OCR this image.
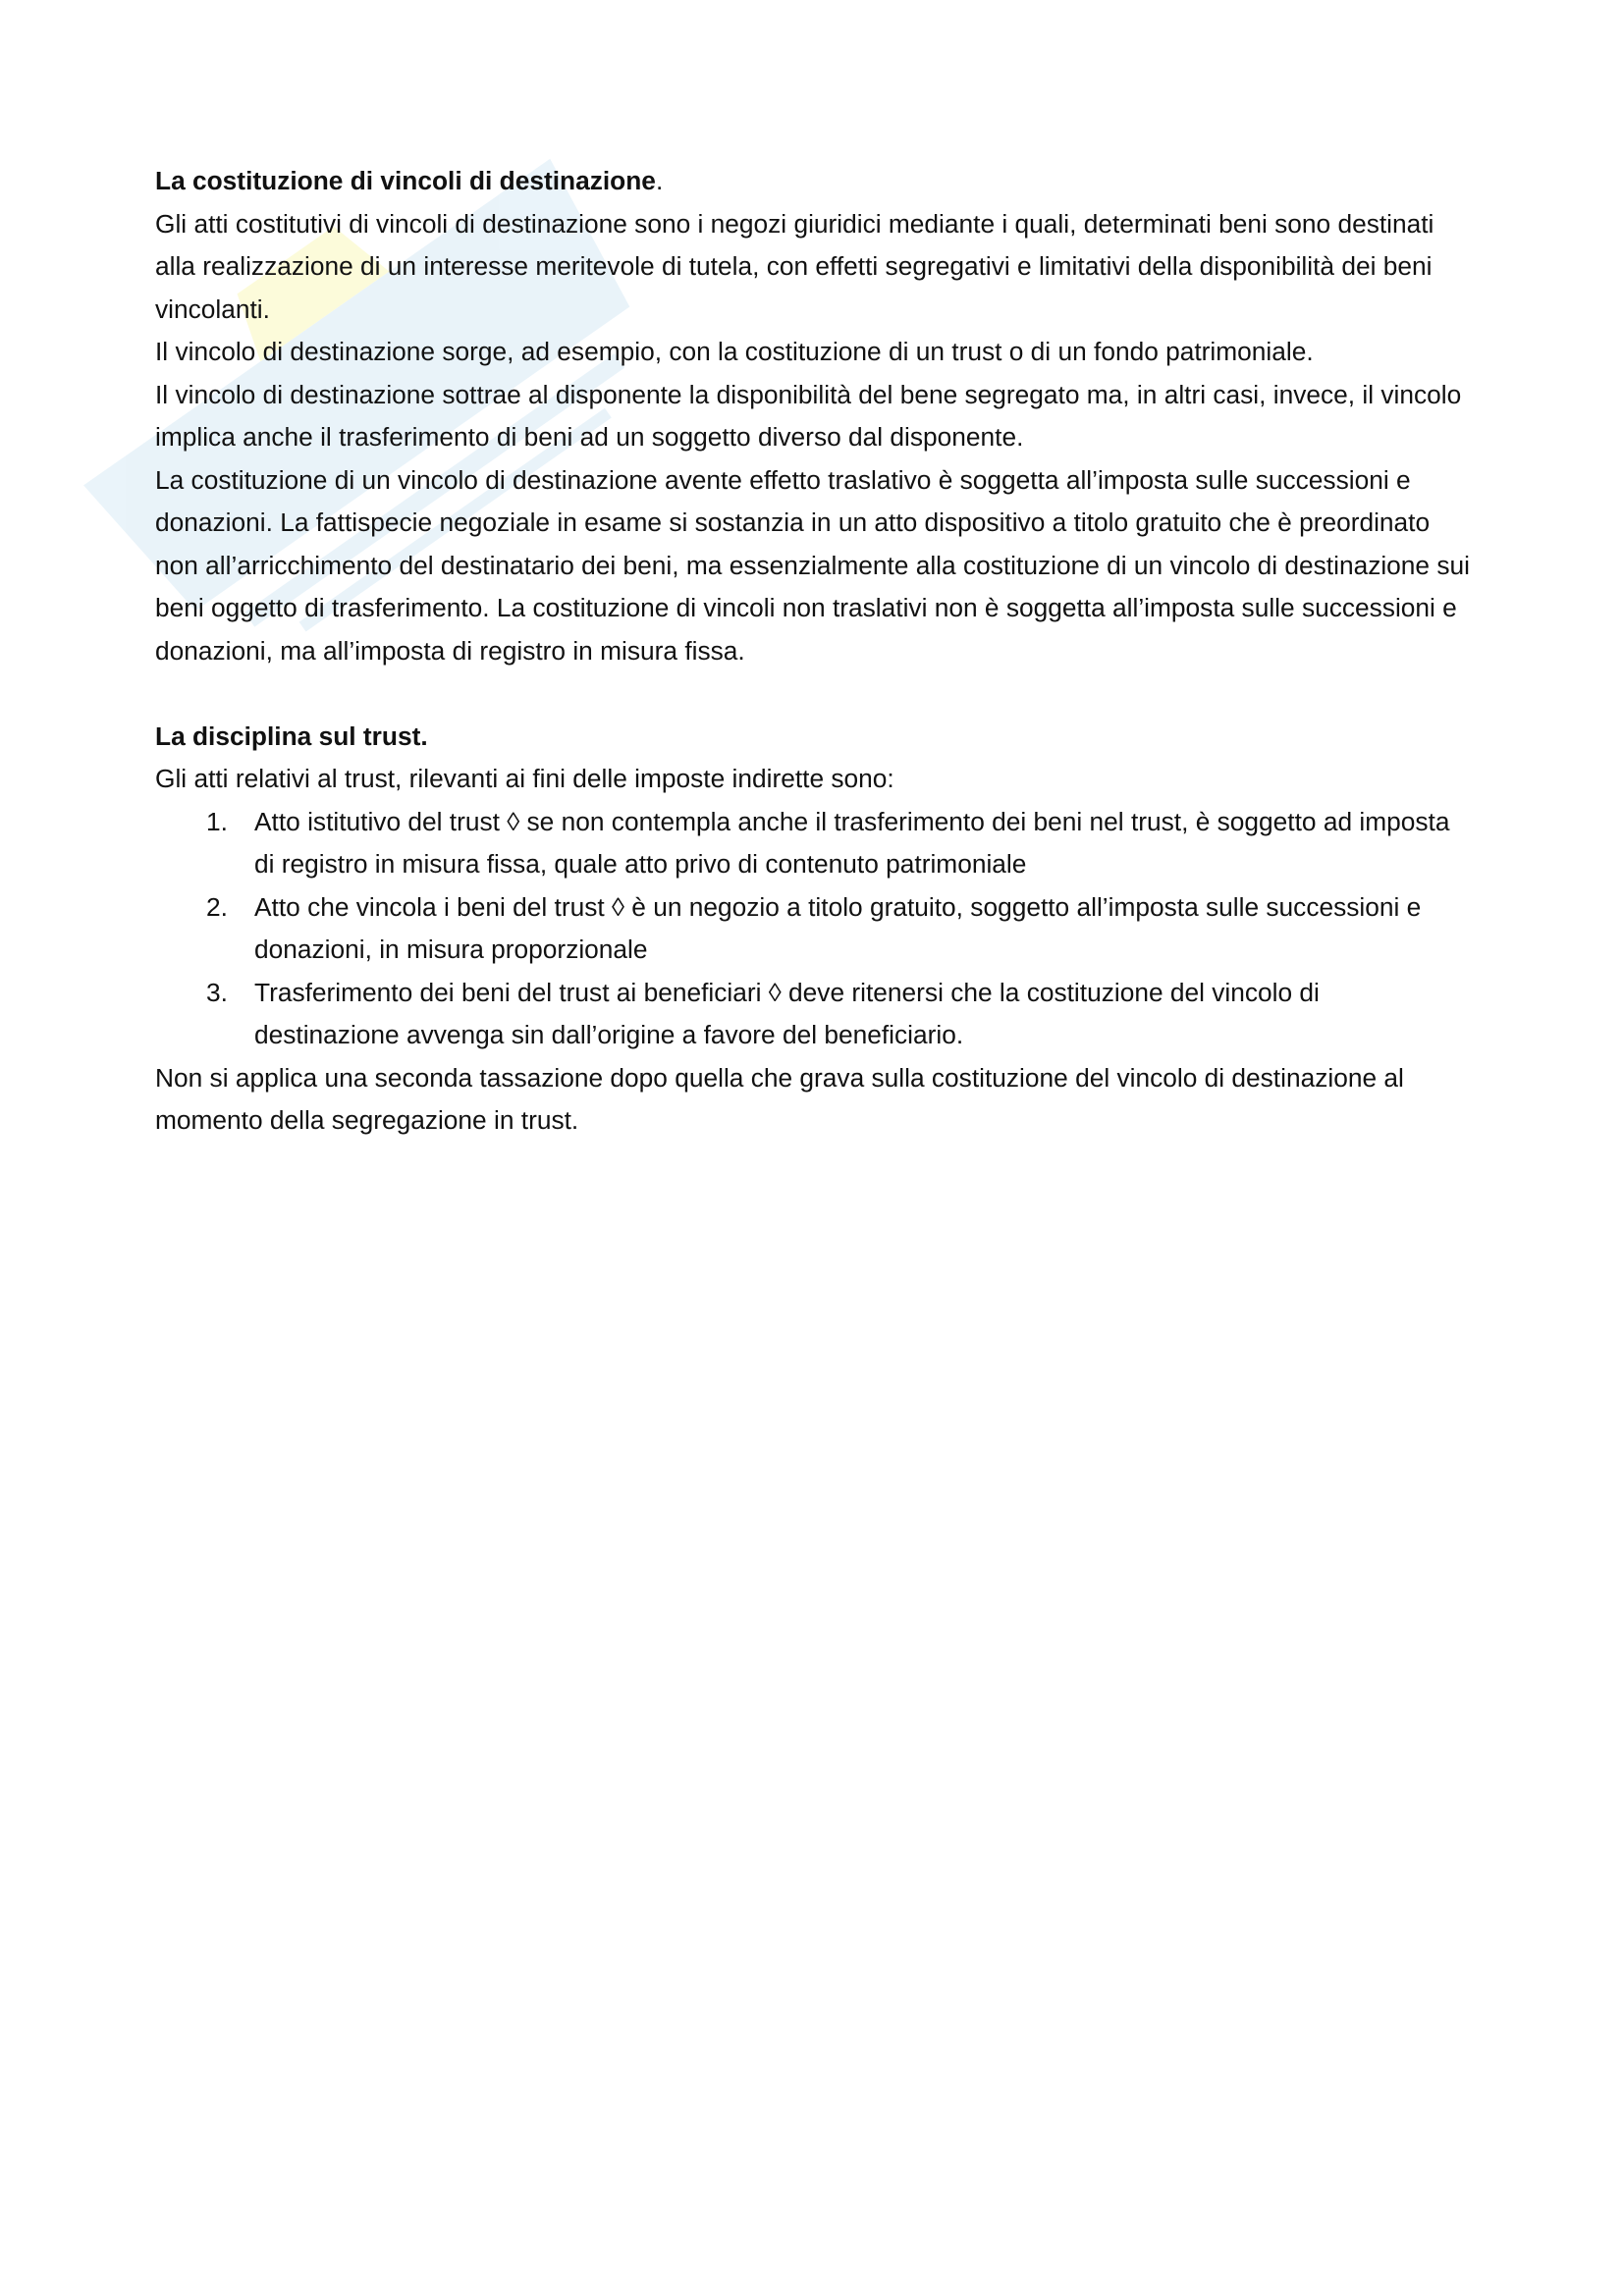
La costituzione di vincoli di destinazione.

Gli atti costitutivi di vincoli di destinazione sono i negozi giuridici mediante i quali, determinati beni sono destinati alla realizzazione di un interesse meritevole di tutela, con effetti segregativi e limitativi della disponibilità dei beni vincolanti.

Il vincolo di destinazione sorge, ad esempio, con la costituzione di un trust o di un fondo patrimoniale.

Il vincolo di destinazione sottrae al disponente la disponibilità del bene segregato ma, in altri casi, invece, il vincolo implica anche il trasferimento di beni ad un soggetto diverso dal disponente.

La costituzione di un vincolo di destinazione avente effetto traslativo è soggetta all’imposta sulle successioni e donazioni. La fattispecie negoziale in esame si sostanzia in un atto dispositivo a titolo gratuito che è preordinato non all’arricchimento del destinatario dei beni, ma essenzialmente alla costituzione di un vincolo di destinazione sui beni oggetto di trasferimento. La costituzione di vincoli non traslativi non è soggetta all’imposta sulle successioni e donazioni, ma all’imposta di registro in misura fissa.

La disciplina sul trust.

Gli atti relativi al trust, rilevanti ai fini delle imposte indirette sono:

1. Atto istitutivo del trust ◊ se non contempla anche il trasferimento dei beni nel trust, è soggetto ad imposta di registro in misura fissa, quale atto privo di contenuto patrimoniale
2. Atto che vincola i beni del trust ◊ è un negozio a titolo gratuito, soggetto all’imposta sulle successioni e donazioni, in misura proporzionale
3. Trasferimento dei beni del trust ai beneficiari ◊ deve ritenersi che la costituzione del vincolo di destinazione avvenga sin dall’origine a favore del beneficiario.

Non si applica una seconda tassazione dopo quella che grava sulla costituzione del vincolo di destinazione al momento della segregazione in trust.
